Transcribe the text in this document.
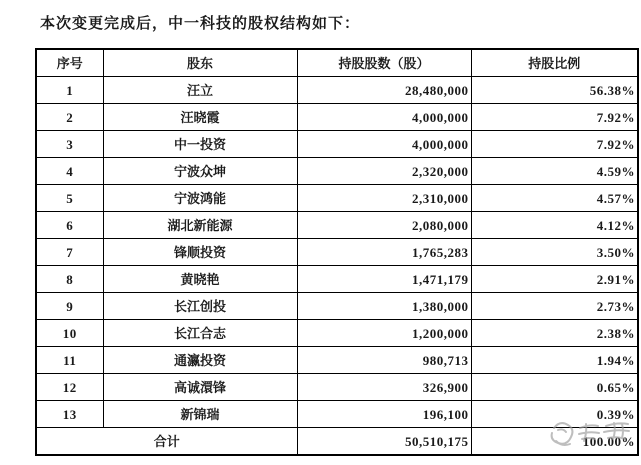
本次变更完成后，中一科技的股权结构如下：
序号	股东	持股股数（股）	持股比例
1	汪立	28,480,000	56.38%
2	汪晓霞	4,000,000	7.92%
3	中一投资	4,000,000	7.92%
4	宁波众坤	2,320,000	4.59%
5	宁波鸿能	2,310,000	4.57%
6	湖北新能源	2,080,000	4.12%
7	锋顺投资	1,765,283	3.50%
8	黄晓艳	1,471,179	2.91%
9	长江创投	1,380,000	2.73%
10	长江合志	1,200,000	2.38%
11	通瀛投资	980,713	1.94%
12	高诚澴锋	326,900	0.65%
13	新锦瑞	196,100	0.39%
合计		50,510,175	100.00%
